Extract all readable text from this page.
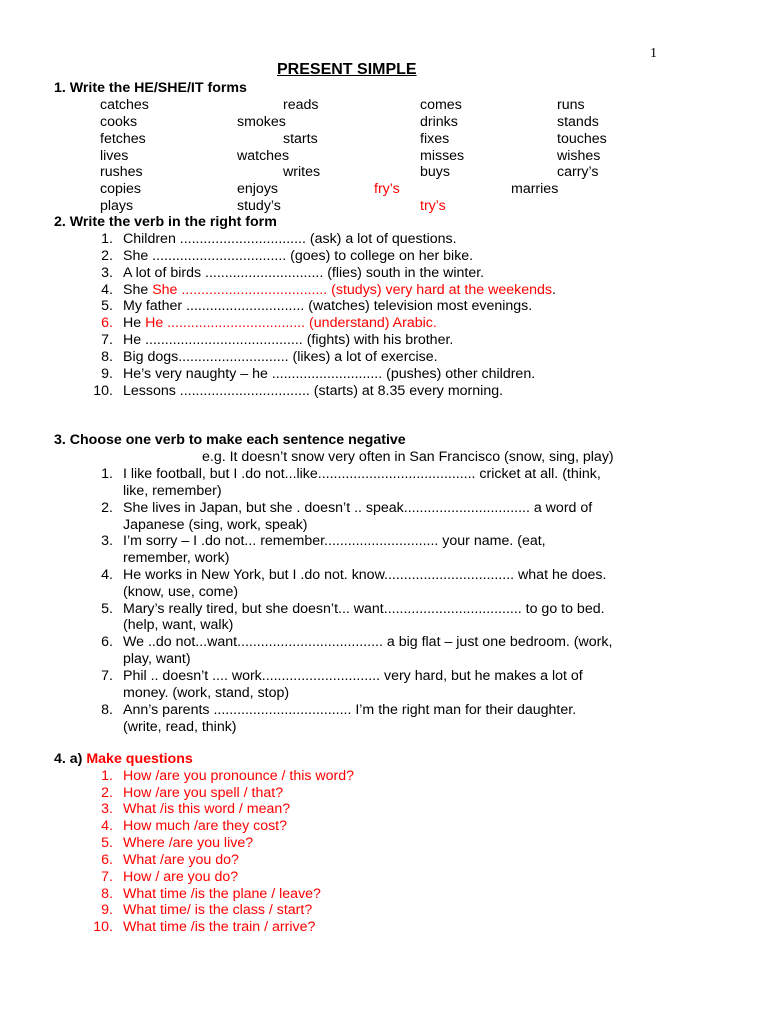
1
PRESENT SIMPLE
1. Write the HE/SHE/IT forms
catches	reads	comes	runs
cooks	smokes	drinks	stands
fetches	starts	fixes	touches
lives	watches	misses	wishes
rushes	writes	buys	carry’s
copies	enjoys	fry’s	marries
plays	study’s	try’s
2. Write the verb in the right form
1. Children ................................ (ask) a lot of questions.
2. She .................................. (goes) to college on her bike.
3. A lot of birds .............................. (flies) south in the winter.
4. She She ..................................... (studys) very hard at the weekends.
5. My father .............................. (watches) television most evenings.
6. He He ................................... (understand) Arabic.
7. He ........................................ (fights) with his brother.
8. Big dogs............................ (likes) a lot of exercise.
9. He’s very naughty – he ............................ (pushes) other children.
10. Lessons ................................. (starts) at 8.35 every morning.
3. Choose one verb to make each sentence negative
e.g. It doesn’t snow very often in San Francisco (snow, sing, play)
1. I like football, but I .do not...like........................................ cricket at all. (think,
like, remember)
2. She lives in Japan, but she . doesn’t .. speak................................ a word of
Japanese (sing, work, speak)
3. I’m sorry – I .do not... remember............................. your name. (eat,
remember, work)
4. He works in New York, but I .do not. know................................. what he does.
(know, use, come)
5. Mary’s really tired, but she doesn’t... want................................... to go to bed.
(help, want, walk)
6. We ..do not...want..................................... a big flat – just one bedroom. (work,
play, want)
7. Phil .. doesn’t .... work.............................. very hard, but he makes a lot of
money. (work, stand, stop)
8. Ann’s parents ................................... I’m the right man for their daughter.
(write, read, think)
4. a) Make questions
1. How /are you pronounce / this word?
2. How /are you spell / that?
3. What /is this word / mean?
4. How much /are they cost?
5. Where /are you live?
6. What /are you do?
7. How / are you do?
8. What time /is the plane / leave?
9. What time/ is the class / start?
10. What time /is the train / arrive?
